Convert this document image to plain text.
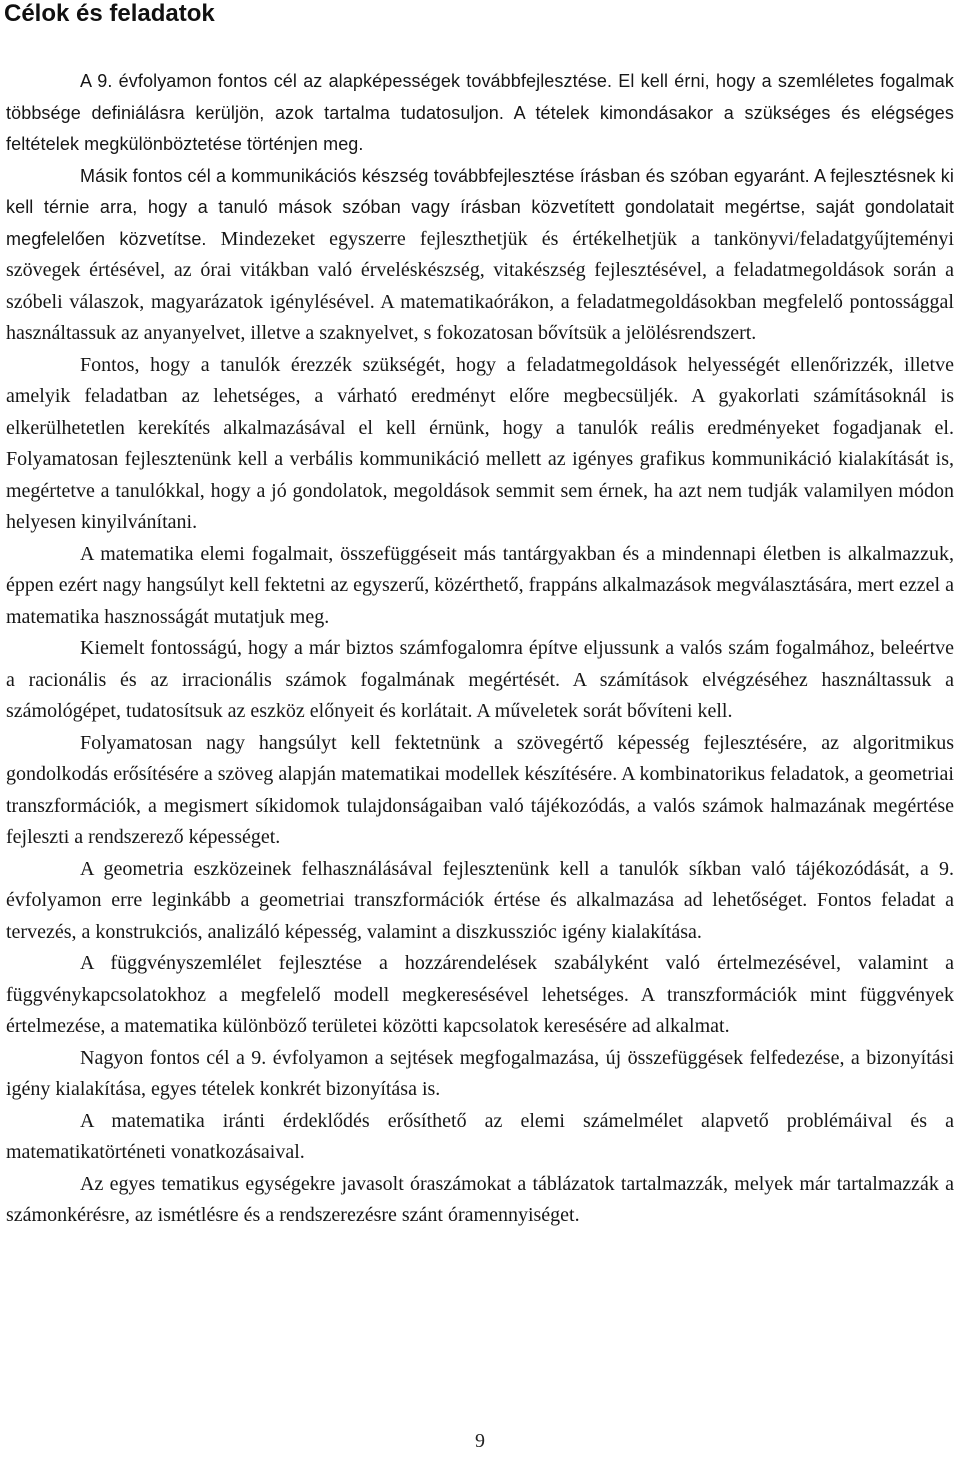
Célok és feladatok

A 9. évfolyamon fontos cél az alapképességek továbbfejlesztése. El kell érni, hogy a szemléletes fogalmak többsége definiálásra kerüljön, azok tartalma tudatosuljon. A tételek kimondásakor a szükséges és elégséges feltételek megkülönböztetése történjen meg.

Másik fontos cél a kommunikációs készség továbbfejlesztése írásban és szóban egyaránt. A fejlesztésnek ki kell térnie arra, hogy a tanuló mások szóban vagy írásban közvetített gondolatait megértse, saját gondolatait megfelelően közvetítse. Mindezeket egyszerre fejleszthetjük és értékelhetjük a tankönyvi/feladatgyűjteményi szövegek értésével, az órai vitákban való érveléskészség, vitakészség fejlesztésével, a feladatmegoldások során a szóbeli válaszok, magyarázatok igénylésével. A matematikaórákon, a feladatmegoldásokban megfelelő pontossággal használtassuk az anyanyelvet, illetve a szaknyelvet, s fokozatosan bővítsük a jelölésrendszert.

Fontos, hogy a tanulók érezzék szükségét, hogy a feladatmegoldások helyességét ellenőrizzék, illetve amelyik feladatban az lehetséges, a várható eredményt előre megbecsüljék. A gyakorlati számításoknál is elkerülhetetlen kerekítés alkalmazásával el kell érnünk, hogy a tanulók reális eredményeket fogadjanak el. Folyamatosan fejlesztenünk kell a verbális kommunikáció mellett az igényes grafikus kommunikáció kialakítását is, megértetve a tanulókkal, hogy a jó gondolatok, megoldások semmit sem érnek, ha azt nem tudják valamilyen módon helyesen kinyilvánítani.

A matematika elemi fogalmait, összefüggéseit más tantárgyakban és a mindennapi életben is alkalmazzuk, éppen ezért nagy hangsúlyt kell fektetni az egyszerű, közérthető, frappáns alkalmazások megválasztására, mert ezzel a matematika hasznosságát mutatjuk meg.

Kiemelt fontosságú, hogy a már biztos számfogalomra építve eljussunk a valós szám fogalmához, beleértve a racionális és az irracionális számok fogalmának megértését. A számítások elvégzéséhez használtassuk a számológépet, tudatosítsuk az eszköz előnyeit és korlátait. A műveletek sorát bővíteni kell.

Folyamatosan nagy hangsúlyt kell fektetnünk a szövegértő képesség fejlesztésére, az algoritmikus gondolkodás erősítésére a szöveg alapján matematikai modellek készítésére. A kombinatorikus feladatok, a geometriai transzformációk, a megismert síkidomok tulajdonságaiban való tájékozódás, a valós számok halmazának megértése fejleszti a rendszerező képességet.

A geometria eszközeinek felhasználásával fejlesztenünk kell a tanulók síkban való tájékozódását, a 9. évfolyamon erre leginkább a geometriai transzformációk értése és alkalmazása ad lehetőséget. Fontos feladat a tervezés, a konstrukciós, analizáló képesség, valamint a diszkusszióс igény kialakítása.

A függvényszemlélet fejlesztése a hozzárendelések szabályként való értelmezésével, valamint a függvénykapcsolatokhoz a megfelelő modell megkeresésével lehetséges. A transzformációk mint függvények értelmezése, a matematika különböző területei közötti kapcsolatok keresésére ad alkalmat.

Nagyon fontos cél a 9. évfolyamon a sejtések megfogalmazása, új összefüggések felfedezése, a bizonyítási igény kialakítása, egyes tételek konkrét bizonyítása is.

A matematika iránti érdeklődés erősíthető az elemi számelmélet alapvető problémáival és a matematikatörténeti vonatkozásaival.

Az egyes tematikus egységekre javasolt óraszámokat a táblázatok tartalmazzák, melyek már tartalmazzák a számonkérésre, az ismétlésre és a rendszerezésre szánt óramennyiséget.

9
